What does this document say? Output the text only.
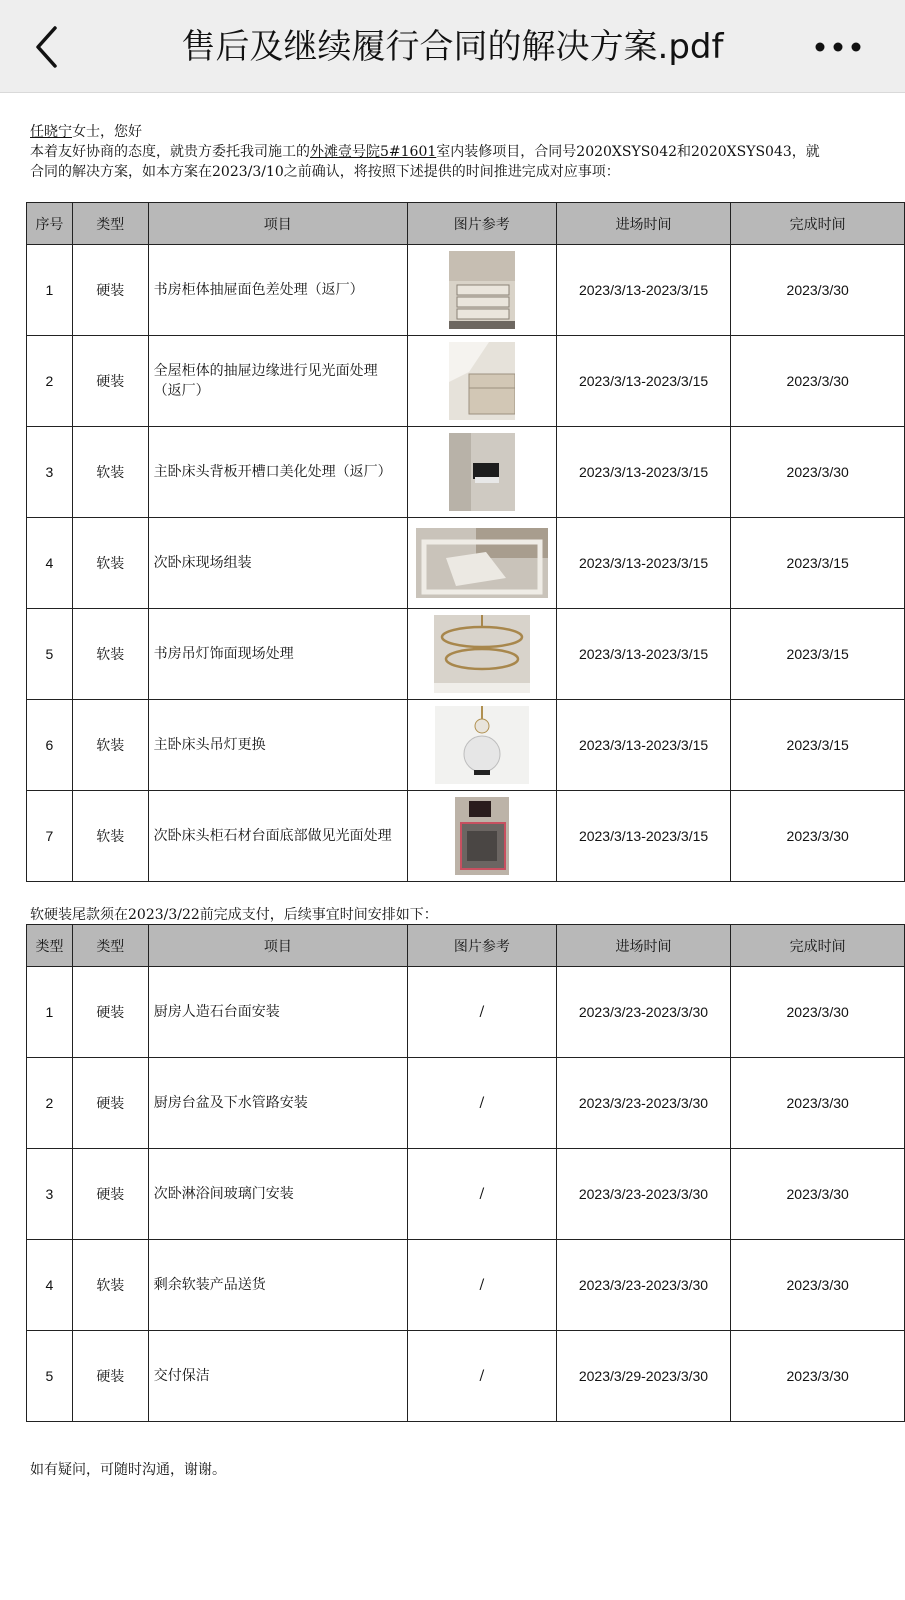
售后及继续履行合同的解决方案.pdf
任晓宁女士，您好
本着友好协商的态度，就贵方委托我司施工的外滩壹号院5#1601室内装修项目，合同号2020XSYS042和2020XSYS043，就
合同的解决方案，如本方案在2023/3/10之前确认，将按照下述提供的时间推进完成对应事项：
序号	类型	项目	图片参考	进场时间	完成时间
1	硬装	书房柜体抽屉面色差处理（返厂）		2023/3/13-2023/3/15	2023/3/30
2	硬装	全屋柜体的抽屉边缘进行见光面处理（返厂）		2023/3/13-2023/3/15	2023/3/30
3	软装	主卧床头背板开槽口美化处理（返厂）		2023/3/13-2023/3/15	2023/3/30
4	软装	次卧床现场组装		2023/3/13-2023/3/15	2023/3/15
5	软装	书房吊灯饰面现场处理		2023/3/13-2023/3/15	2023/3/15
6	软装	主卧床头吊灯更换		2023/3/13-2023/3/15	2023/3/15
7	软装	次卧床头柜石材台面底部做见光面处理		2023/3/13-2023/3/15	2023/3/30
软硬装尾款须在2023/3/22前完成支付，后续事宜时间安排如下：
类型	类型	项目	图片参考	进场时间	完成时间
1	硬装	厨房人造石台面安装	/	2023/3/23-2023/3/30	2023/3/30
2	硬装	厨房台盆及下水管路安装	/	2023/3/23-2023/3/30	2023/3/30
3	硬装	次卧淋浴间玻璃门安装	/	2023/3/23-2023/3/30	2023/3/30
4	软装	剩余软装产品送货	/	2023/3/23-2023/3/30	2023/3/30
5	硬装	交付保洁	/	2023/3/29-2023/3/30	2023/3/30
如有疑问，可随时沟通，谢谢。
